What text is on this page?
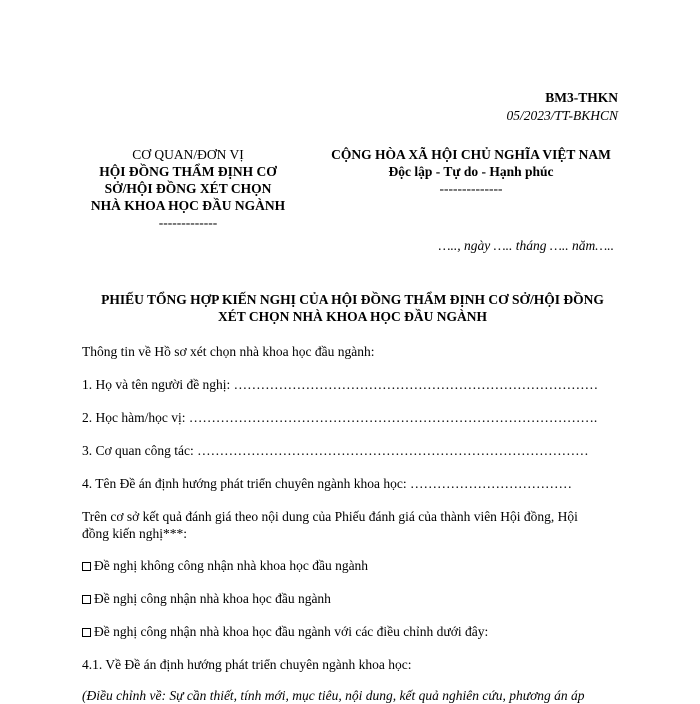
BM3-THKN
05/2023/TT-BKHCN
CƠ QUAN/ĐƠN VỊ
HỘI ĐỒNG THẨM ĐỊNH CƠ
SỞ/HỘI ĐỒNG XÉT CHỌN
NHÀ KHOA HỌC ĐẦU NGÀNH
-------------
CỘNG HÒA XÃ HỘI CHỦ NGHĨA VIỆT NAM
Độc lập - Tự do - Hạnh phúc
--------------
….., ngày ….. tháng ….. năm…..
PHIẾU TỔNG HỢP KIẾN NGHỊ CỦA HỘI ĐỒNG THẨM ĐỊNH CƠ SỞ/HỘI ĐỒNG
XÉT CHỌN NHÀ KHOA HỌC ĐẦU NGÀNH
Thông tin về Hồ sơ xét chọn nhà khoa học đầu ngành:
1. Họ và tên người đề nghị: ………………………………………………………………………
2. Học hàm/học vị: ……………………………………………………………………………….
3. Cơ quan công tác: ……………………………………………………………………………
4. Tên Đề án định hướng phát triển chuyên ngành khoa học: ………………………………
Trên cơ sở kết quả đánh giá theo nội dung của Phiếu đánh giá của thành viên Hội đồng, Hội
đồng kiến nghị***:
Đề nghị không công nhận nhà khoa học đầu ngành
Đề nghị công nhận nhà khoa học đầu ngành
Đề nghị công nhận nhà khoa học đầu ngành với các điều chỉnh dưới đây:
4.1. Về Đề án định hướng phát triển chuyên ngành khoa học:
(Điều chỉnh về: Sự cần thiết, tính mới, mục tiêu, nội dung, kết quả nghiên cứu, phương án áp
